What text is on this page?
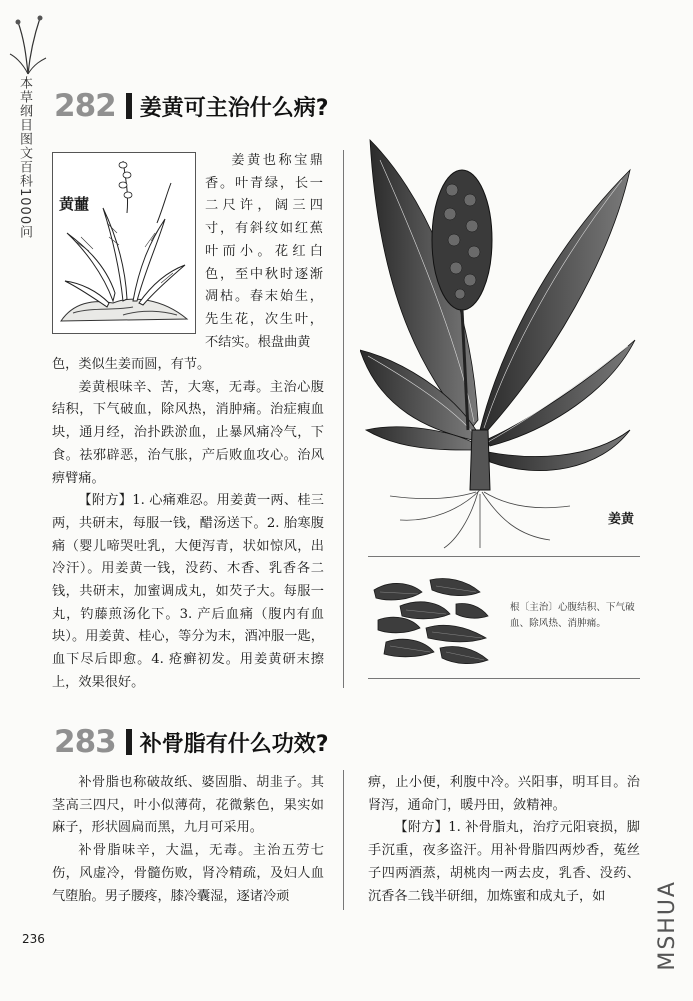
本草纲目图文百科1000问 282 姜黄可主治什么病?
黄蘁
姜黄也称宝鼎香。叶青绿，长一二尺许，阔三四寸，有斜纹如红蕉叶而小。花红白色，至中秋时逐渐凋枯。春末始生，先生花，次生叶，不结实。根盘曲黄

色，类似生姜而圆，有节。

姜黄根味辛、苦，大寒，无毒。主治心腹结积，下气破血，除风热，消肿痛。治症瘕血块，通月经，治扑跌淤血，止暴风痛冷气，下食。祛邪辟恶，治气胀，产后败血攻心。治风痹臂痛。

【附方】1. 心痛难忍。用姜黄一两、桂三两，共研末，每服一钱，醋汤送下。2. 胎寒腹痛（婴儿啼哭吐乳，大便泻青，状如惊风，出冷汗）。用姜黄一钱，没药、木香、乳香各二钱，共研末，加蜜调成丸，如芡子大。每服一丸，钓藤煎汤化下。3. 产后血痛（腹内有血块）。用姜黄、桂心，等分为末，酒冲服一匙，血下尽后即愈。4. 疮癣初发。用姜黄研末擦上，效果很好。

姜黄
根〔主治〕心腹结积、下气破血、除风热、消肿痛。
283 补骨脂有什么功效?

补骨脂也称破故纸、婆固脂、胡韭子。其茎高三四尺，叶小似薄荷，花微紫色，果实如麻子，形状圆扁而黑，九月可采用。

补骨脂味辛，大温，无毒。主治五劳七伤，风虚冷，骨髓伤败，肾冷精疏，及妇人血气堕胎。男子腰疼，膝冷囊湿，逐诸冷顽

痹，止小便，利腹中冷。兴阳事，明耳目。治肾泻，通命门，暖丹田，敛精神。

【附方】1. 补骨脂丸，治疗元阳衰损，脚手沉重，夜多盗汗。用补骨脂四两炒香，菟丝子四两酒蒸，胡桃肉一两去皮，乳香、没药、沉香各二钱半研细，加炼蜜和成丸子，如

236	MSHUA
